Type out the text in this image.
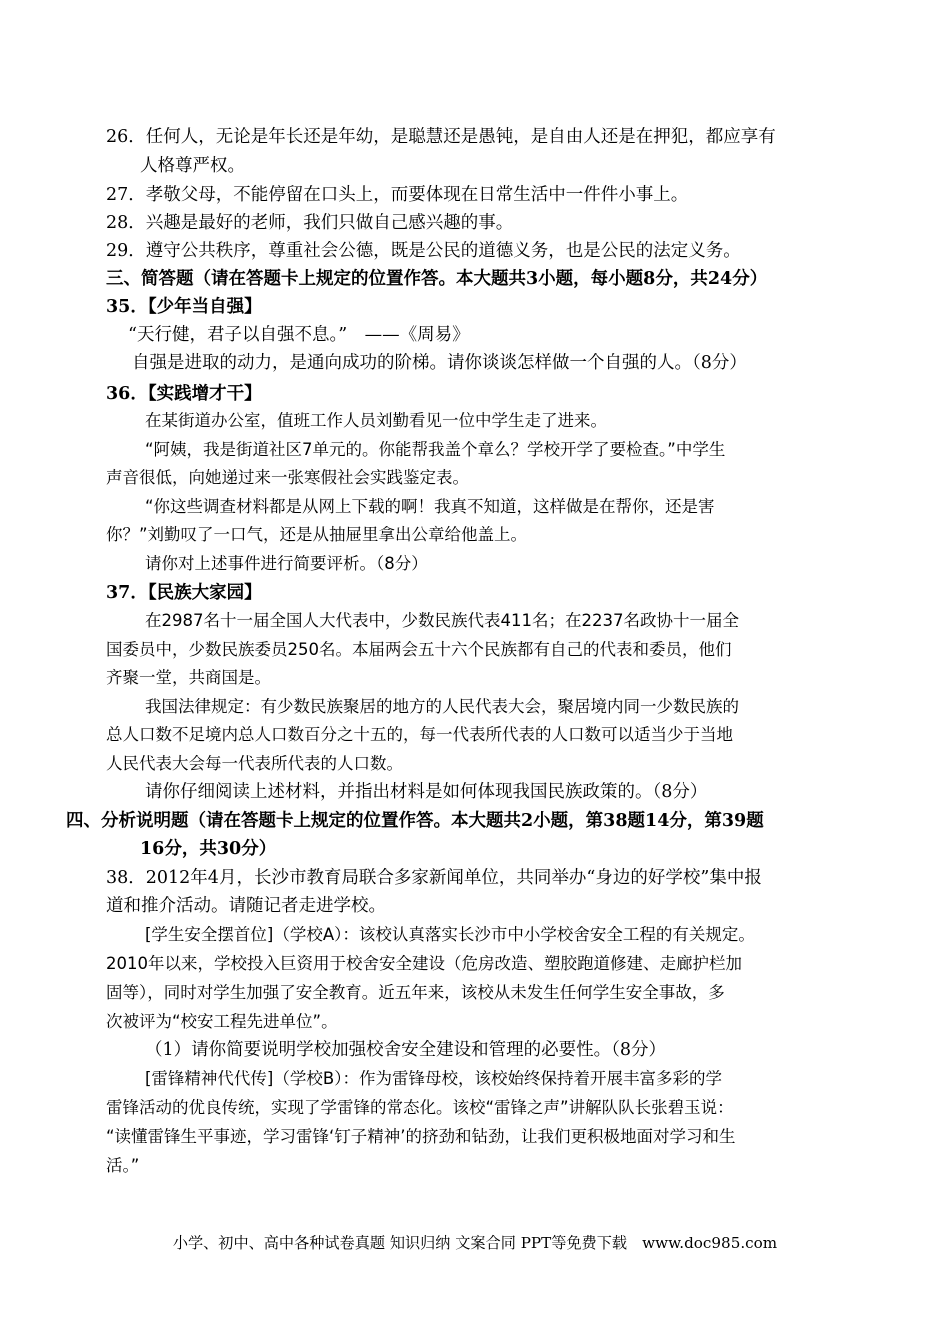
26．任何人，无论是年长还是年幼，是聪慧还是愚钝，是自由人还是在押犯，都应享有
人格尊严权。
27．孝敬父母，不能停留在口头上，而要体现在日常生活中一件件小事上。
28．兴趣是最好的老师，我们只做自己感兴趣的事。
29．遵守公共秩序，尊重社会公德，既是公民的道德义务，也是公民的法定义务。
三、简答题（请在答题卡上规定的位置作答。本大题共3小题，每小题8分，共24分）
35．【少年当自强】
“天行健，君子以自强不息。”　——《周易》
自强是进取的动力，是通向成功的阶梯。请你谈谈怎样做一个自强的人。（8分）
36．【实践增才干】
在某街道办公室，值班工作人员刘勤看见一位中学生走了进来。
“阿姨，我是街道社区7单元的。你能帮我盖个章么？学校开学了要检查。”中学生
声音很低，向她递过来一张寒假社会实践鉴定表。
“你这些调查材料都是从网上下载的啊！我真不知道，这样做是在帮你，还是害
你？”刘勤叹了一口气，还是从抽屉里拿出公章给他盖上。
请你对上述事件进行简要评析。（8分）
37．【民族大家园】
在2987名十一届全国人大代表中，少数民族代表411名；在2237名政协十一届全
国委员中，少数民族委员250名。本届两会五十六个民族都有自己的代表和委员，他们
齐聚一堂，共商国是。
我国法律规定：有少数民族聚居的地方的人民代表大会，聚居境内同一少数民族的
总人口数不足境内总人口数百分之十五的，每一代表所代表的人口数可以适当少于当地
人民代表大会每一代表所代表的人口数。
请你仔细阅读上述材料，并指出材料是如何体现我国民族政策的。（8分）
四、分析说明题（请在答题卡上规定的位置作答。本大题共2小题，第38题14分，第39题
16分，共30分）
38．2012年4月，长沙市教育局联合多家新闻单位，共同举办“身边的好学校”集中报
道和推介活动。请随记者走进学校。
[学生安全摆首位]（学校A）：该校认真落实长沙市中小学校舍安全工程的有关规定。
2010年以来，学校投入巨资用于校舍安全建设（危房改造、塑胶跑道修建、走廊护栏加
固等），同时对学生加强了安全教育。近五年来，该校从未发生任何学生安全事故，多
次被评为“校安工程先进单位”。
（1）请你简要说明学校加强校舍安全建设和管理的必要性。（8分）
[雷锋精神代代传]（学校B）：作为雷锋母校，该校始终保持着开展丰富多彩的学
雷锋活动的优良传统，实现了学雷锋的常态化。该校“雷锋之声”讲解队队长张碧玉说：
“读懂雷锋生平事迹，学习雷锋‘钉子精神’的挤劲和钻劲，让我们更积极地面对学习和生
活。”
小学、初中、高中各种试卷真题 知识归纳 文案合同 PPT等免费下载　www.doc985.com
